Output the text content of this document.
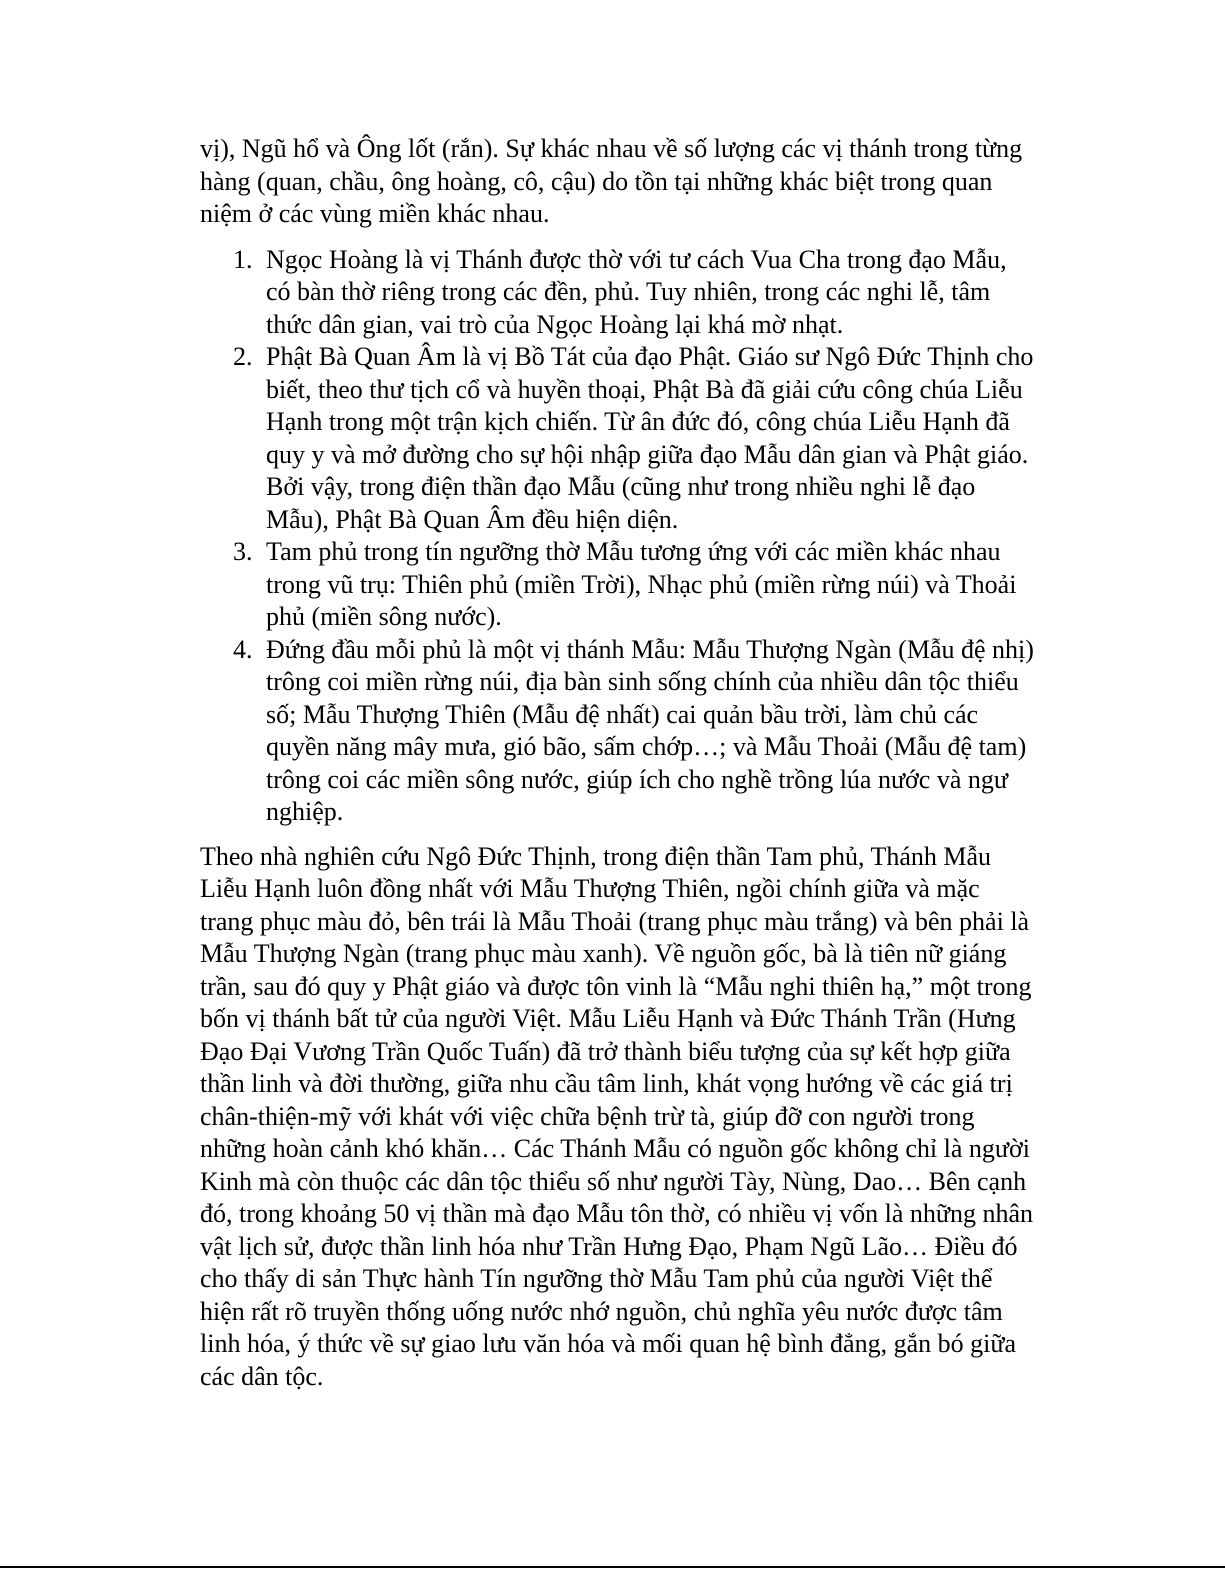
vị), Ngũ hổ và Ông lốt (rắn). Sự khác nhau về số lượng các vị thánh trong từng
hàng (quan, chầu, ông hoàng, cô, cậu) do tồn tại những khác biệt trong quan
niệm ở các vùng miền khác nhau.

1. Ngọc Hoàng là vị Thánh được thờ với tư cách Vua Cha trong đạo Mẫu,
có bàn thờ riêng trong các đền, phủ. Tuy nhiên, trong các nghi lễ, tâm
thức dân gian, vai trò của Ngọc Hoàng lại khá mờ nhạt.
2. Phật Bà Quan Âm là vị Bồ Tát của đạo Phật. Giáo sư Ngô Đức Thịnh cho
biết, theo thư tịch cổ và huyền thoại, Phật Bà đã giải cứu công chúa Liễu
Hạnh trong một trận kịch chiến. Từ ân đức đó, công chúa Liễu Hạnh đã
quy y và mở đường cho sự hội nhập giữa đạo Mẫu dân gian và Phật giáo.
Bởi vậy, trong điện thần đạo Mẫu (cũng như trong nhiều nghi lễ đạo
Mẫu), Phật Bà Quan Âm đều hiện diện.
3. Tam phủ trong tín ngưỡng thờ Mẫu tương ứng với các miền khác nhau
trong vũ trụ: Thiên phủ (miền Trời), Nhạc phủ (miền rừng núi) và Thoải
phủ (miền sông nước).
4. Đứng đầu mỗi phủ là một vị thánh Mẫu: Mẫu Thượng Ngàn (Mẫu đệ nhị)
trông coi miền rừng núi, địa bàn sinh sống chính của nhiều dân tộc thiểu
số; Mẫu Thượng Thiên (Mẫu đệ nhất) cai quản bầu trời, làm chủ các
quyền năng mây mưa, gió bão, sấm chớp…; và Mẫu Thoải (Mẫu đệ tam)
trông coi các miền sông nước, giúp ích cho nghề trồng lúa nước và ngư
nghiệp.

Theo nhà nghiên cứu Ngô Đức Thịnh, trong điện thần Tam phủ, Thánh Mẫu
Liễu Hạnh luôn đồng nhất với Mẫu Thượng Thiên, ngồi chính giữa và mặc
trang phục màu đỏ, bên trái là Mẫu Thoải (trang phục màu trắng) và bên phải là
Mẫu Thượng Ngàn (trang phục màu xanh). Về nguồn gốc, bà là tiên nữ giáng
trần, sau đó quy y Phật giáo và được tôn vinh là “Mẫu nghi thiên hạ,” một trong
bốn vị thánh bất tử của người Việt. Mẫu Liễu Hạnh và Đức Thánh Trần (Hưng
Đạo Đại Vương Trần Quốc Tuấn) đã trở thành biểu tượng của sự kết hợp giữa
thần linh và đời thường, giữa nhu cầu tâm linh, khát vọng hướng về các giá trị
chân-thiện-mỹ với khát với việc chữa bệnh trừ tà, giúp đỡ con người trong
những hoàn cảnh khó khăn… Các Thánh Mẫu có nguồn gốc không chỉ là người
Kinh mà còn thuộc các dân tộc thiểu số như người Tày, Nùng, Dao… Bên cạnh
đó, trong khoảng 50 vị thần mà đạo Mẫu tôn thờ, có nhiều vị vốn là những nhân
vật lịch sử, được thần linh hóa như Trần Hưng Đạo, Phạm Ngũ Lão… Điều đó
cho thấy di sản Thực hành Tín ngưỡng thờ Mẫu Tam phủ của người Việt thể
hiện rất rõ truyền thống uống nước nhớ nguồn, chủ nghĩa yêu nước được tâm
linh hóa, ý thức về sự giao lưu văn hóa và mối quan hệ bình đẳng, gắn bó giữa
các dân tộc.
